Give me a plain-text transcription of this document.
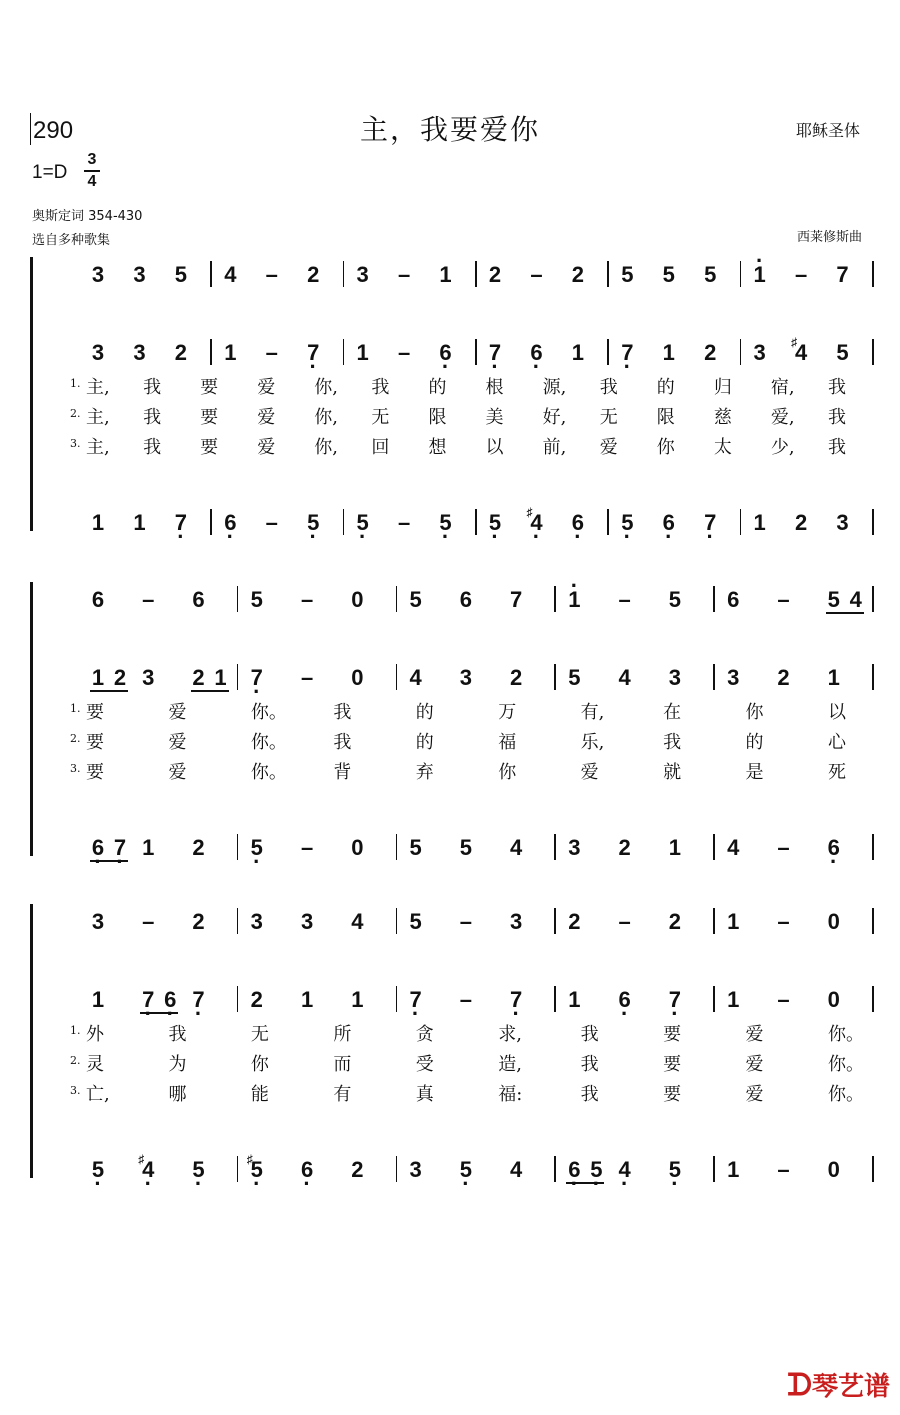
290	主，我要爱你	耶稣圣体
1=D
3
4
奥斯定词 354-430
选自多种歌集	西莱修斯曲
3 3 5 4 – 2 3 – 1 2 – 2 5 5 5 · 1 – 7
3 3 2 1 – 7 · 1 – 6 · 7 · 6 · 1 7 · 1 2 3 4
♯ 5
1. 主, 我 要 爱 你, 我 的 根 源, 我 的 归 宿, 我
2. 主, 我 要 爱 你, 无 限 美 好, 无 限 慈 爱, 我
3. 主, 我 要 爱 你, 回 想 以 前, 爱 你 太 少, 我
1 1 7 · 6 · – 5 · 5 · – 5 · 5 · 4 ·
♯ 6 · 5 · 6 · 7 · 1 2 3
6 – 6 5 – 0 5 6 7 · 1 – 5 6 – 5 4
1 2 3 2 1 7 · – 0 4 3 2 5 4 3 3 2 1
1. 要	爱	你。	我	的	万	有,	在	你	以
2. 要	爱	你。	我	的	福	乐,	我	的	心
3. 要	爱	你。	背	弃	你	爱	就	是	死
6 · 7 · 1 2 5 · – 0 5 5 4 3 2 1 4 – 6 ·
3 – 2 3 3 4 5 – 3 2 – 2 1 – 0
1 7 · 6 · 7 · 2 1 1 7 · – 7 · 1 6 · 7 · 1 – 0
1. 外	我	无	所	贪	求,	我	要	爱	你。
2. 灵	为	你	而	受	造,	我	要	爱	你。
3. 亡,	哪	能	有	真	福:	我	要	爱	你。
5 · 4 ·
♯ 5 · 5 ·
♯ 6 · 2 3 5 · 4 6 · 5 · 4 · 5 · 1 – 0
ᗪ琴艺谱
